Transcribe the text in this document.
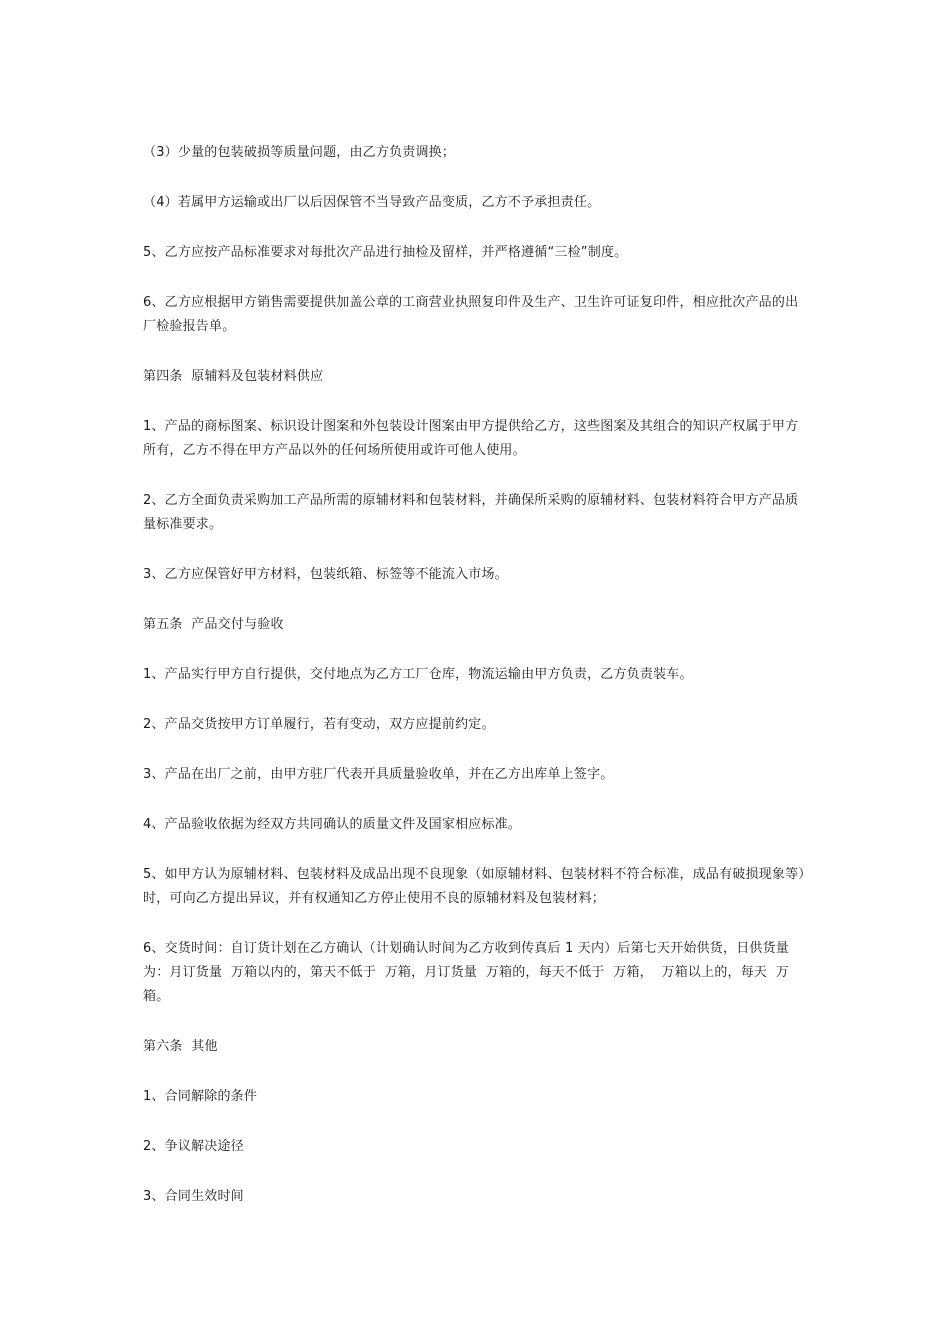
（3）少量的包装破损等质量问题，由乙方负责调换；

（4）若属甲方运输或出厂以后因保管不当导致产品变质，乙方不予承担责任。

5、乙方应按产品标准要求对每批次产品进行抽检及留样，并严格遵循“三检”制度。

6、乙方应根据甲方销售需要提供加盖公章的工商营业执照复印件及生产、卫生许可证复印件，相应批次产品的出厂检验报告单。

第四条  原辅料及包装材料供应

1、产品的商标图案、标识设计图案和外包装设计图案由甲方提供给乙方，这些图案及其组合的知识产权属于甲方所有，乙方不得在甲方产品以外的任何场所使用或许可他人使用。

2、乙方全面负责采购加工产品所需的原辅材料和包装材料，并确保所采购的原辅材料、包装材料符合甲方产品质量标准要求。

3、乙方应保管好甲方材料，包装纸箱、标签等不能流入市场。

第五条  产品交付与验收

1、产品实行甲方自行提供，交付地点为乙方工厂仓库，物流运输由甲方负责，乙方负责装车。

2、产品交货按甲方订单履行，若有变动，双方应提前约定。

3、产品在出厂之前，由甲方驻厂代表开具质量验收单，并在乙方出库单上签字。

4、产品验收依据为经双方共同确认的质量文件及国家相应标准。

5、如甲方认为原辅材料、包装材料及成品出现不良现象（如原辅材料、包装材料不符合标准，成品有破损现象等）时，可向乙方提出异议，并有权通知乙方停止使用不良的原辅材料及包装材料；

6、交货时间：自订货计划在乙方确认（计划确认时间为乙方收到传真后 1 天内）后第七天开始供货，日供货量为：月订货量  万箱以内的，第天不低于  万箱，月订货量  万箱的，每天不低于  万箱，  万箱以上的，每天  万箱。

第六条  其他

1、合同解除的条件

2、争议解决途径

3、合同生效时间
